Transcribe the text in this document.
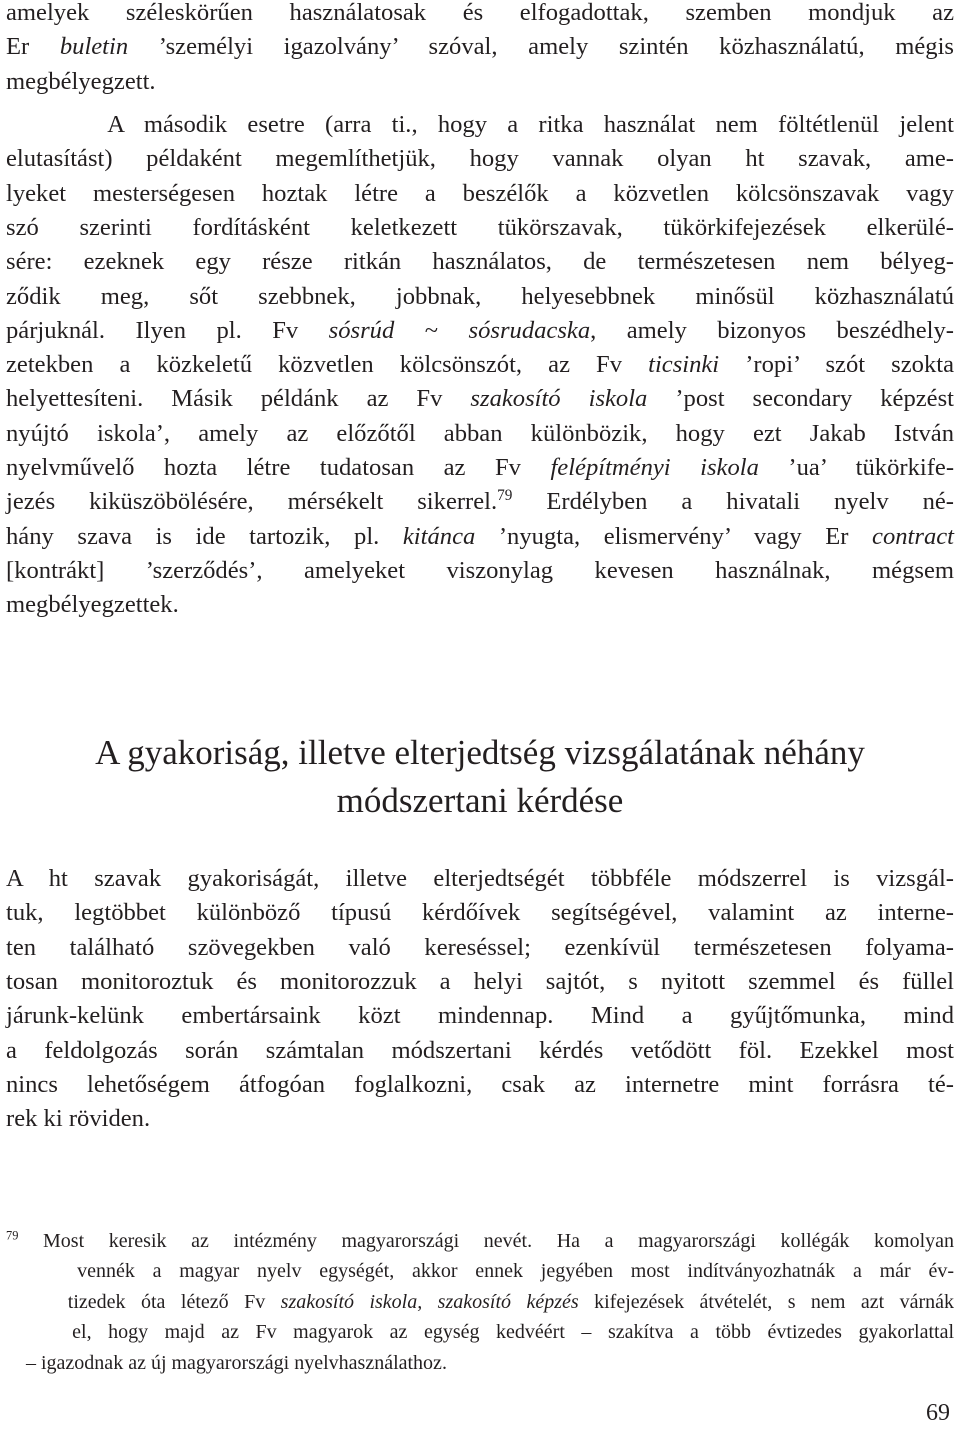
amelyek széleskörűen használatosak és elfogadottak, szemben mondjuk az
Er buletin ’személyi igazolvány’ szóval, amely szintén közhasználatú, mégis
megbélyegzett.
A második esetre (arra ti., hogy a ritka használat nem föltétlenül jelent
elutasítást) példaként megemlíthetjük, hogy vannak olyan ht szavak, ame-
lyeket mesterségesen hoztak létre a beszélők a közvetlen kölcsönszavak vagy
szó szerinti fordításként keletkezett tükörszavak, tükörkifejezések elkerülé-
sére: ezeknek egy része ritkán használatos, de természetesen nem bélyeg-
ződik meg, sőt szebbnek, jobbnak, helyesebbnek minősül közhasználatú
párjuknál. Ilyen pl. Fv sósrúd ~ sósrudacska, amely bizonyos beszédhely-
zetekben a közkeletű közvetlen kölcsönszót, az Fv ticsinki ’ropi’ szót szokta
helyettesíteni. Másik példánk az Fv szakosító iskola ’post secondary képzést
nyújtó iskola’, amely az előzőtől abban különbözik, hogy ezt Jakab István
nyelvművelő hozta létre tudatosan az Fv felépítményi iskola ’ua’ tükörkife-
jezés kiküszöbölésére, mérsékelt sikerrel.$^{79}$ Erdélyben a hivatali nyelv né-
hány szava is ide tartozik, pl. kitánca ’nyugta, elismervény’ vagy Er contract
[kontrákt] ’szerződés’, amelyeket viszonylag kevesen használnak, mégsem
megbélyegzettek.
A gyakoriság, illetve elterjedtség vizsgálatának néhány
módszertani kérdése
A ht szavak gyakoriságát, illetve elterjedtségét többféle módszerrel is vizsgál-
tuk, legtöbbet különböző típusú kérdőívek segítségével, valamint az interne-
ten található szövegekben való kereséssel; ezenkívül természetesen folyama-
tosan monitoroztuk és monitorozzuk a helyi sajtót, s nyitott szemmel és füllel
járunk-kelünk embertársaink közt mindennap. Mind a gyűjtőmunka, mind
a feldolgozás során számtalan módszertani kérdés vetődött föl. Ezekkel most
nincs lehetőségem átfogóan foglalkozni, csak az internetre mint forrásra té-
rek ki röviden.
$^{79}$ Most keresik az intézmény magyarországi nevét. Ha a magyarországi kollégák komolyan
vennék a magyar nyelv egységét, akkor ennek jegyében most indítványozhatnák a már év-
tizedek óta létező Fv szakosító iskola, szakosító képzés kifejezések átvételét, s nem azt várnák
el, hogy majd az Fv magyarok az egység kedvéért – szakítva a több évtizedes gyakorlattal
– igazodnak az új magyarországi nyelvhasználathoz.
69
